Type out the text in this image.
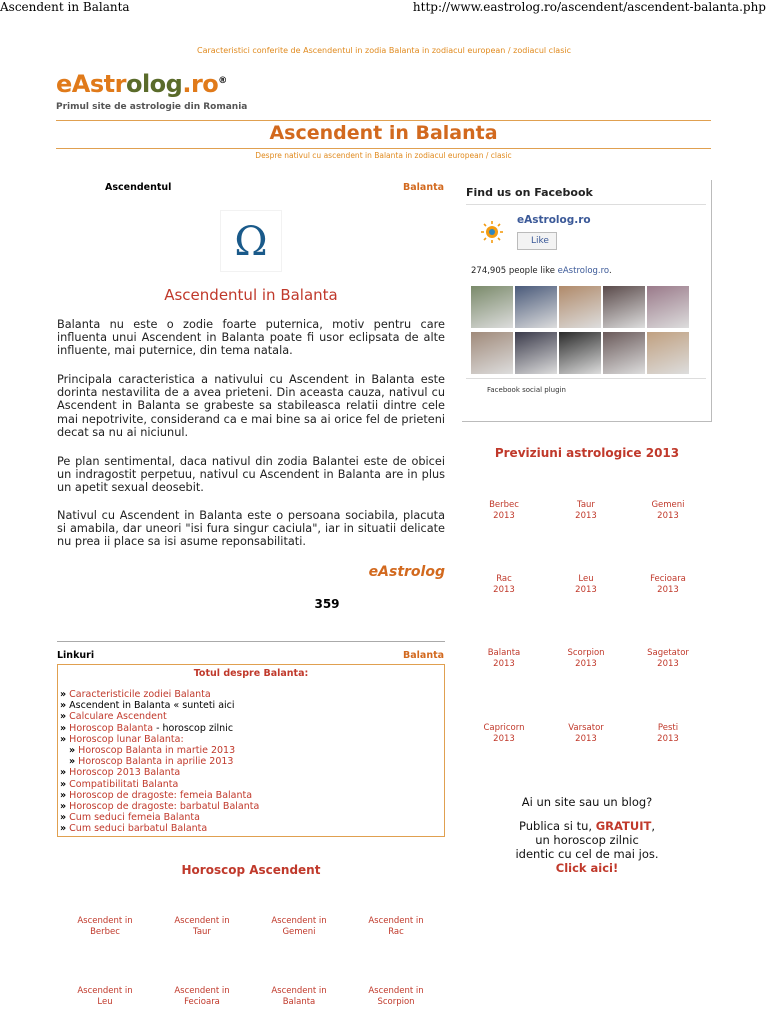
Ascendent in Balanta	http://www.eastrolog.ro/ascendent/ascendent-balanta.php
Caracteristici conferite de Ascendentul in zodia Balanta in zodiacul european / zodiacul clasic
eAstrolog.ro®
Primul site de astrologie din Romania
Ascendent in Balanta
Despre nativul cu ascendent in Balanta in zodiacul european / clasic
Ascendentul	Balanta
Ω
Ascendentul in Balanta
Balanta nu este o zodie foarte puternica, motiv pentru care influenta unui Ascendent in Balanta poate fi usor eclipsata de alte influente, mai puternice, din tema natala.
Principala caracteristica a nativului cu Ascendent in Balanta este dorinta nestavilita de a avea prieteni. Din aceasta cauza, nativul cu Ascendent in Balanta se grabeste sa stabileasca relatii dintre cele mai nepotrivite, considerand ca e mai bine sa ai orice fel de prieteni decat sa nu ai niciunul.
Pe plan sentimental, daca nativul din zodia Balantei este de obicei un indragostit perpetuu, nativul cu Ascendent in Balanta are in plus un apetit sexual deosebit.
Nativul cu Ascendent in Balanta este o persoana sociabila, placuta si amabila, dar uneori "isi fura singur caciula", iar in situatii delicate nu prea ii place sa isi asume reponsabilitati.
eAstrolog
359
Linkuri	Balanta
Totul despre Balanta:
» Caracteristicile zodiei Balanta
» Ascendent in Balanta « sunteti aici
» Calculare Ascendent
» Horoscop Balanta - horoscop zilnic
» Horoscop lunar Balanta:
» Horoscop Balanta in martie 2013
» Horoscop Balanta in aprilie 2013
» Horoscop 2013 Balanta
» Compatibilitati Balanta
» Horoscop de dragoste: femeia Balanta
» Horoscop de dragoste: barbatul Balanta
» Cum seduci femeia Balanta
» Cum seduci barbatul Balanta
Horoscop Ascendent
Ascendent in
Berbec
Ascendent in
Taur
Ascendent in
Gemeni
Ascendent in
Rac
Ascendent in
Leu
Ascendent in
Fecioara
Ascendent in
Balanta
Ascendent in
Scorpion
Find us on Facebook
eAstrolog.ro
Like
274,905 people like eAstrolog.ro.
Facebook social plugin
Previziuni astrologice 2013
Berbec
2013
Taur
2013
Gemeni
2013
Rac
2013
Leu
2013
Fecioara
2013
Balanta
2013
Scorpion
2013
Sagetator
2013
Capricorn
2013
Varsator
2013
Pesti
2013
Ai un site sau un blog?
Publica si tu, GRATUIT,
un horoscop zilnic
identic cu cel de mai jos.
Click aici!
